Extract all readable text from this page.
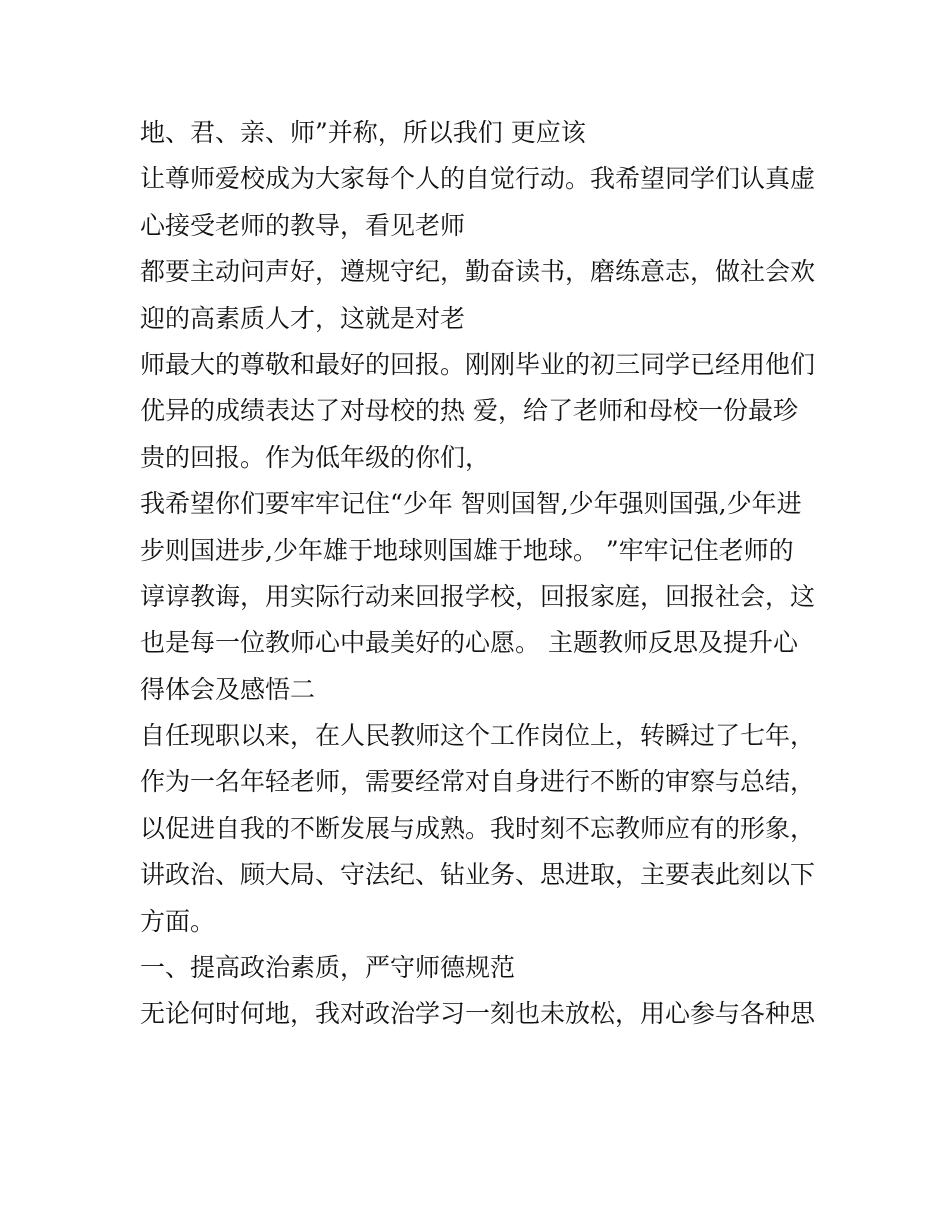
地、君、亲、师”并称，所以我们 更应该
让尊师爱校成为大家每个人的自觉行动。我希望同学们认真虚
心接受老师的教导，看见老师
都要主动问声好，遵规守纪，勤奋读书，磨练意志，做社会欢
迎的高素质人才，这就是对老
师最大的尊敬和最好的回报。刚刚毕业的初三同学已经用他们
优异的成绩表达了对母校的热 爱，给了老师和母校一份最珍
贵的回报。作为低年级的你们，
我希望你们要牢牢记住“少年 智则国智,少年强则国强,少年进
步则国进步,少年雄于地球则国雄于地球。 ”牢牢记住老师的
谆谆教诲，用实际行动来回报学校，回报家庭，回报社会，这
也是每一位教师心中最美好的心愿。 主题教师反思及提升心
得体会及感悟二
自任现职以来，在人民教师这个工作岗位上，转瞬过了七年，
作为一名年轻老师，需要经常对自身进行不断的审察与总结，
以促进自我的不断发展与成熟。我时刻不忘教师应有的形象，
讲政治、顾大局、守法纪、钻业务、思进取，主要表此刻以下
方面。
一、提高政治素质，严守师德规范
无论何时何地，我对政治学习一刻也未放松，用心参与各种思
